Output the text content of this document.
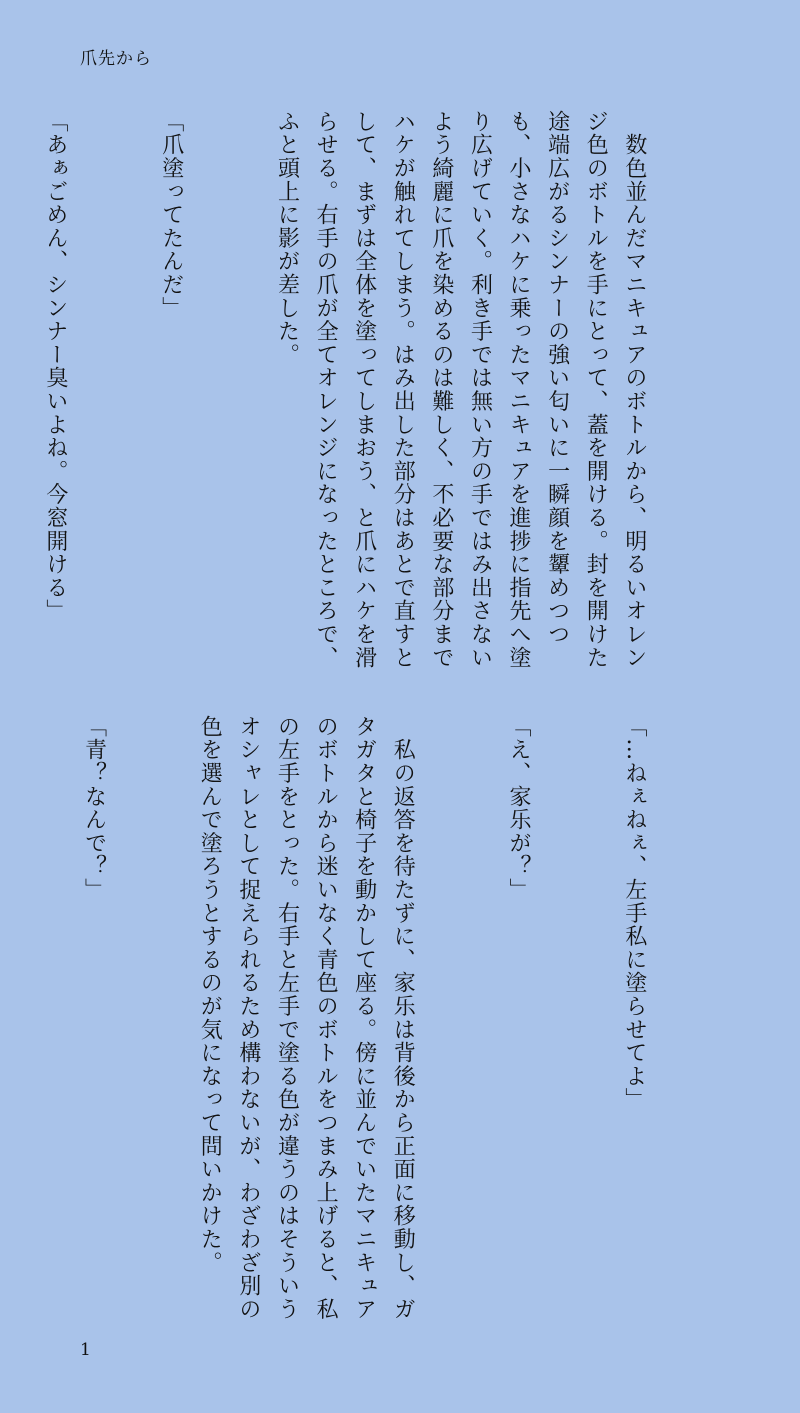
爪先から

　数色並んだマニキュアのボトルから、明るいオレンジ色のボトルを手にとって、蓋を開ける。封を開けた途端広がるシンナーの強い匂いに一瞬顔を顰めつつも、小さなハケに乗ったマニキュアを進捗に指先へ塗り広げていく。利き手では無い方の手ではみ出さないよう綺麗に爪を染めるのは難しく、不必要な部分までハケが触れてしまう。はみ出した部分はあとで直すとして、まずは全体を塗ってしまおう、と爪にハケを滑らせる。右手の爪が全てオレンジになったところで、ふと頭上に影が差した。

「爪塗ってたんだ」

「あぁごめん、シンナー臭いよね。今窓開ける」

「…ねぇねぇ、左手私に塗らせてよ」

「え、家乐が？」

　私の返答を待たずに、家乐は背後から正面に移動し、ガタガタと椅子を動かして座る。傍に並んでいたマニキュアのボトルから迷いなく青色のボトルをつまみ上げると、私の左手をとった。右手と左手で塗る色が違うのはそういうオシャレとして捉えられるため構わないが、わざわざ別の色を選んで塗ろうとするのが気になって問いかけた。

「青？なんで？」

1
